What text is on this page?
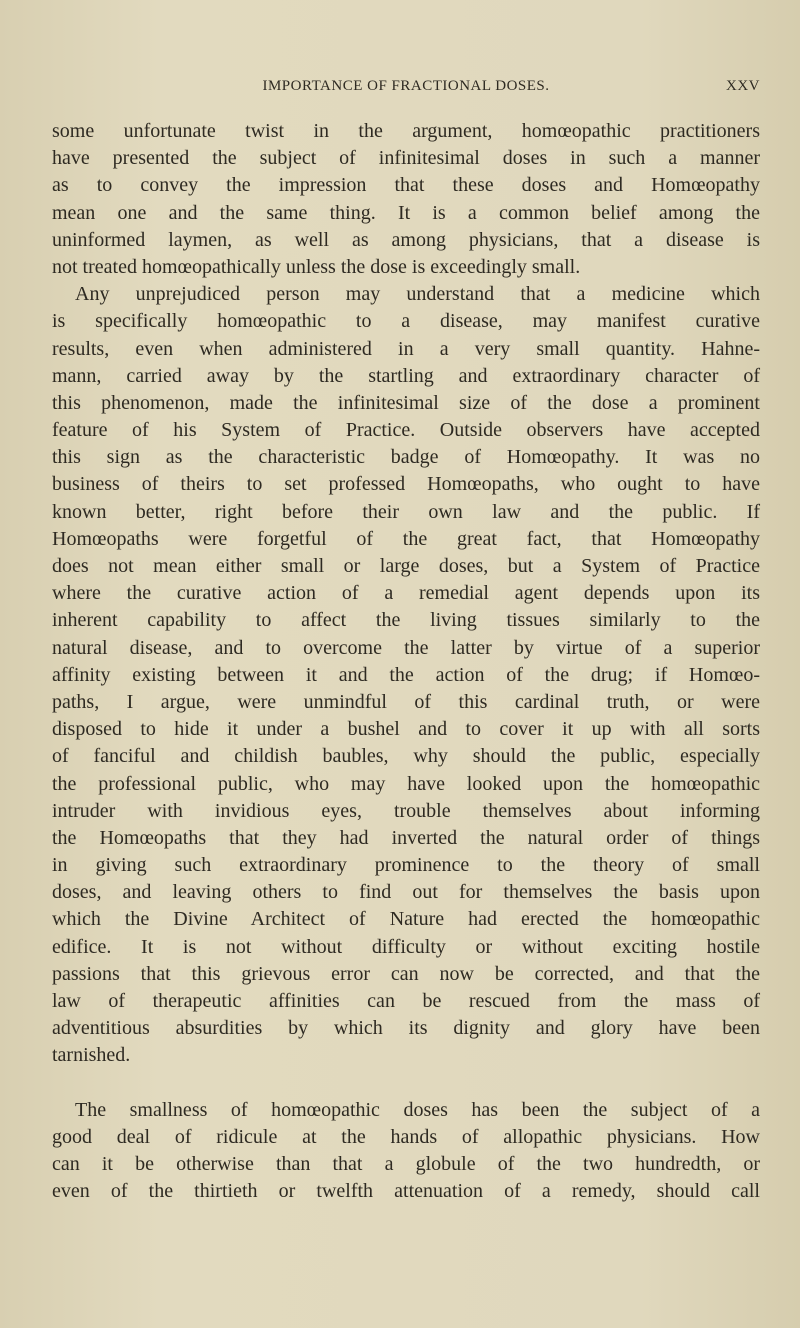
IMPORTANCE OF FRACTIONAL DOSES.	XXV
some unfortunate twist in the argument, homœopathic practitioners
have presented the subject of infinitesimal doses in such a manner
as to convey the impression that these doses and Homœopathy
mean one and the same thing. It is a common belief among the
uninformed laymen, as well as among physicians, that a disease is
not treated homœopathically unless the dose is exceedingly small.
Any unprejudiced person may understand that a medicine which
is specifically homœopathic to a disease, may manifest curative
results, even when administered in a very small quantity. Hahne-
mann, carried away by the startling and extraordinary character of
this phenomenon, made the infinitesimal size of the dose a prominent
feature of his System of Practice. Outside observers have accepted
this sign as the characteristic badge of Homœopathy. It was no
business of theirs to set professed Homœopaths, who ought to have
known better, right before their own law and the public. If
Homœopaths were forgetful of the great fact, that Homœopathy
does not mean either small or large doses, but a System of Practice
where the curative action of a remedial agent depends upon its
inherent capability to affect the living tissues similarly to the
natural disease, and to overcome the latter by virtue of a superior
affinity existing between it and the action of the drug; if Homœo-
paths, I argue, were unmindful of this cardinal truth, or were
disposed to hide it under a bushel and to cover it up with all sorts
of fanciful and childish baubles, why should the public, especially
the professional public, who may have looked upon the homœopathic
intruder with invidious eyes, trouble themselves about informing
the Homœopaths that they had inverted the natural order of things
in giving such extraordinary prominence to the theory of small
doses, and leaving others to find out for themselves the basis upon
which the Divine Architect of Nature had erected the homœopathic
edifice. It is not without difficulty or without exciting hostile
passions that this grievous error can now be corrected, and that the
law of therapeutic affinities can be rescued from the mass of
adventitious absurdities by which its dignity and glory have been
tarnished.
The smallness of homœopathic doses has been the subject of a
good deal of ridicule at the hands of allopathic physicians. How
can it be otherwise than that a globule of the two hundredth, or
even of the thirtieth or twelfth attenuation of a remedy, should call
